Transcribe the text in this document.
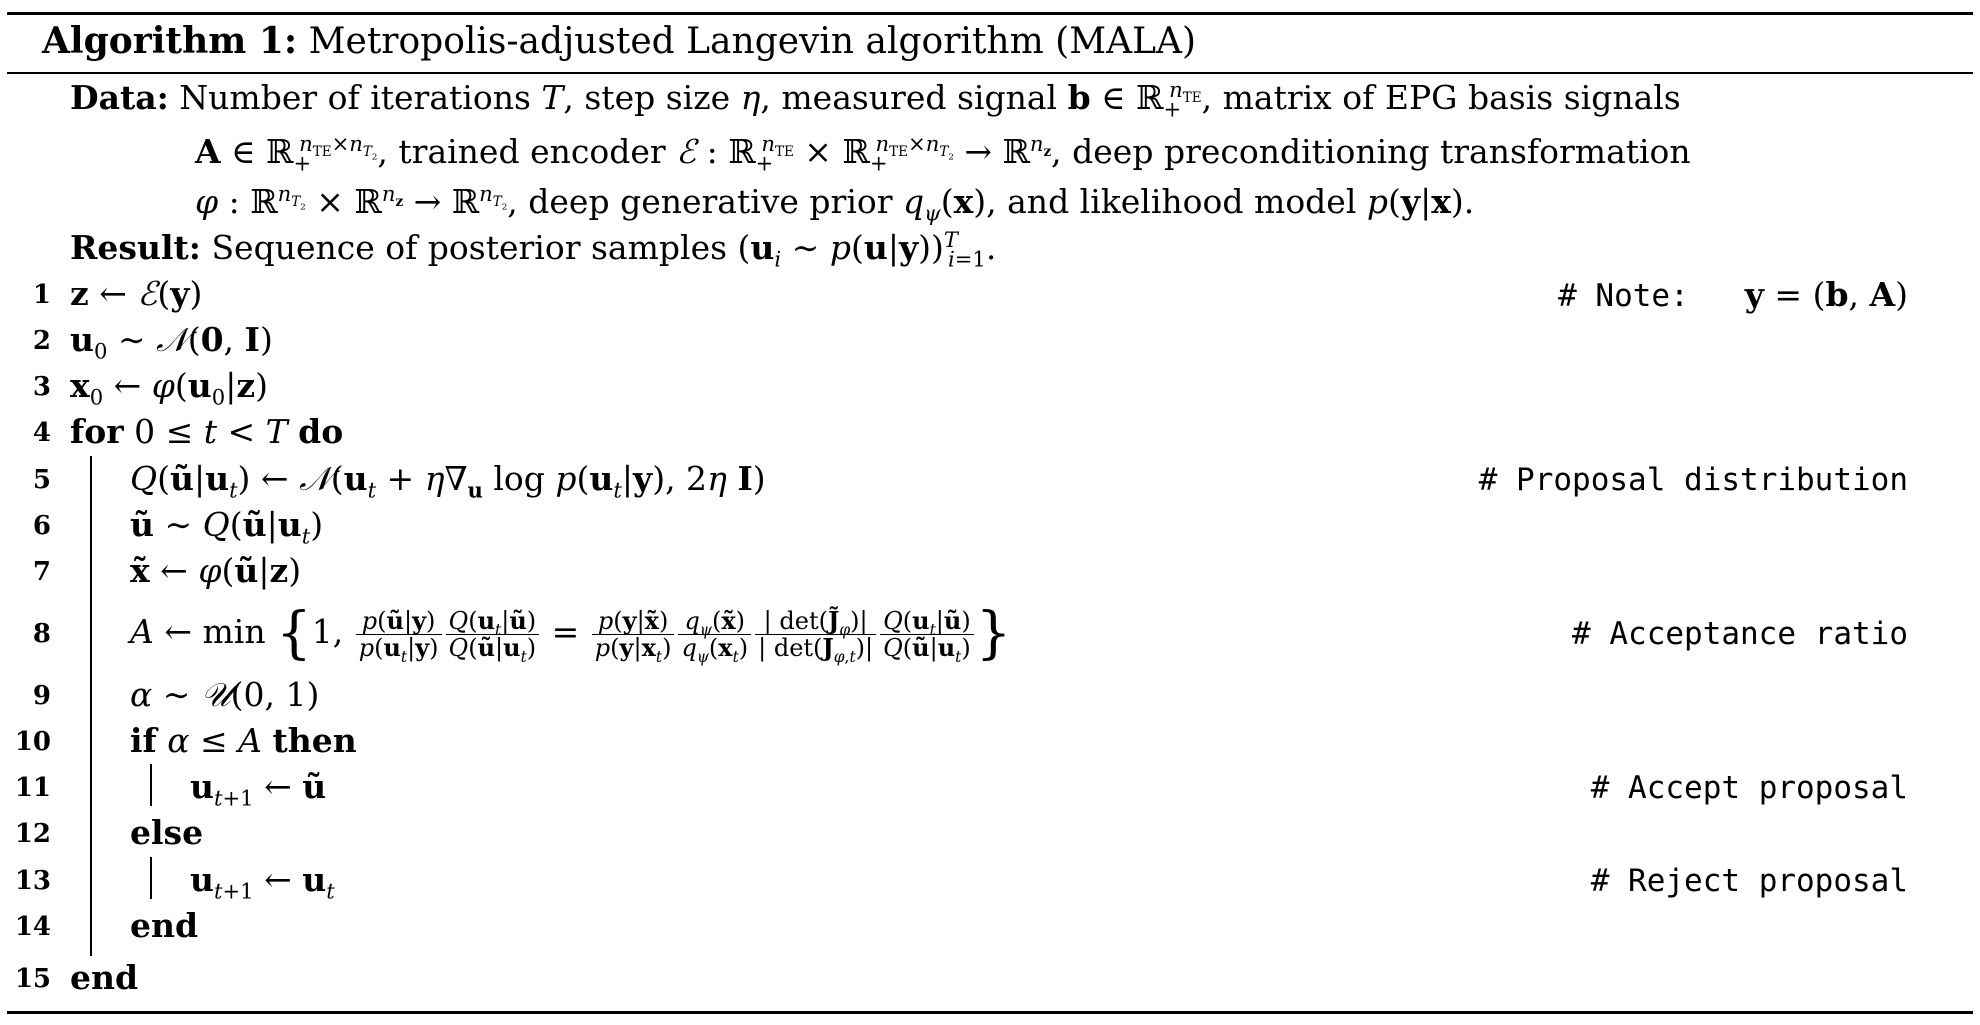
Algorithm 1: Metropolis-adjusted Langevin algorithm (MALA)
Data: Number of iterations T, step size η, measured signal b ∈ ℝ$_+^{n_{TE}}$, matrix of EPG basis signals
A ∈ ℝ$_+^{n_{TE}\times n_{T_2}}$, trained encoder ℰ : ℝ$_+^{n_{TE}}$ × ℝ$_+^{n_{TE}\times n_{T_2}}$ → ℝ$^{n_z}$, deep preconditioning transformation
φ : ℝ$^{n_{T_2}}$ × ℝ$^{n_z}$ → ℝ$^{n_{T_2}}$, deep generative prior $q_\psi(x)$, and likelihood model p(y|x).
Result: Sequence of posterior samples ($u_i$ ∼ p(u|y))$^T_{i=1}$.
1 z ← ℰ(y)	# Note: y = (b, A)
2 $u_0$ ∼ 𝒩(0, I)
3 $x_0$ ← $\varphi(u_0|z)$
4 for 0 ≤ t < T do
5 $Q(ũ|u_t)$ ← $𝒩(u_t + \eta\nabla_u$ $\log p(u_t|y)$, 2η I)	# Proposal distribution
6 ũ ∼ $Q(ũ|u_t)$
7 x̃ ← φ(ũ|z)
8 A ← min {1, $\frac{p(ũ|y)}{p(u_t|y)} \frac{Q(u_t|ũ)}{Q(ũ|u_t)} = \frac{p(y|x̃)}{p(y|x_t)} \frac{q_\psi(x̃)}{q_\psi(x_t)} \frac{| \det(J̃_\varphi)|}{| \det(J_{\varphi,t})|} \frac{Q(u_t|ũ)}{Q(ũ|u_t)}$ }	# Acceptance ratio
9 α ∼ 𝒰(0, 1)
10 if α ≤ A then
11	$u_{t+1}$ ← ũ	# Accept proposal
12 else
13	$u_{t+1}$ ← $u_t$	# Reject proposal
14 end
15 end
